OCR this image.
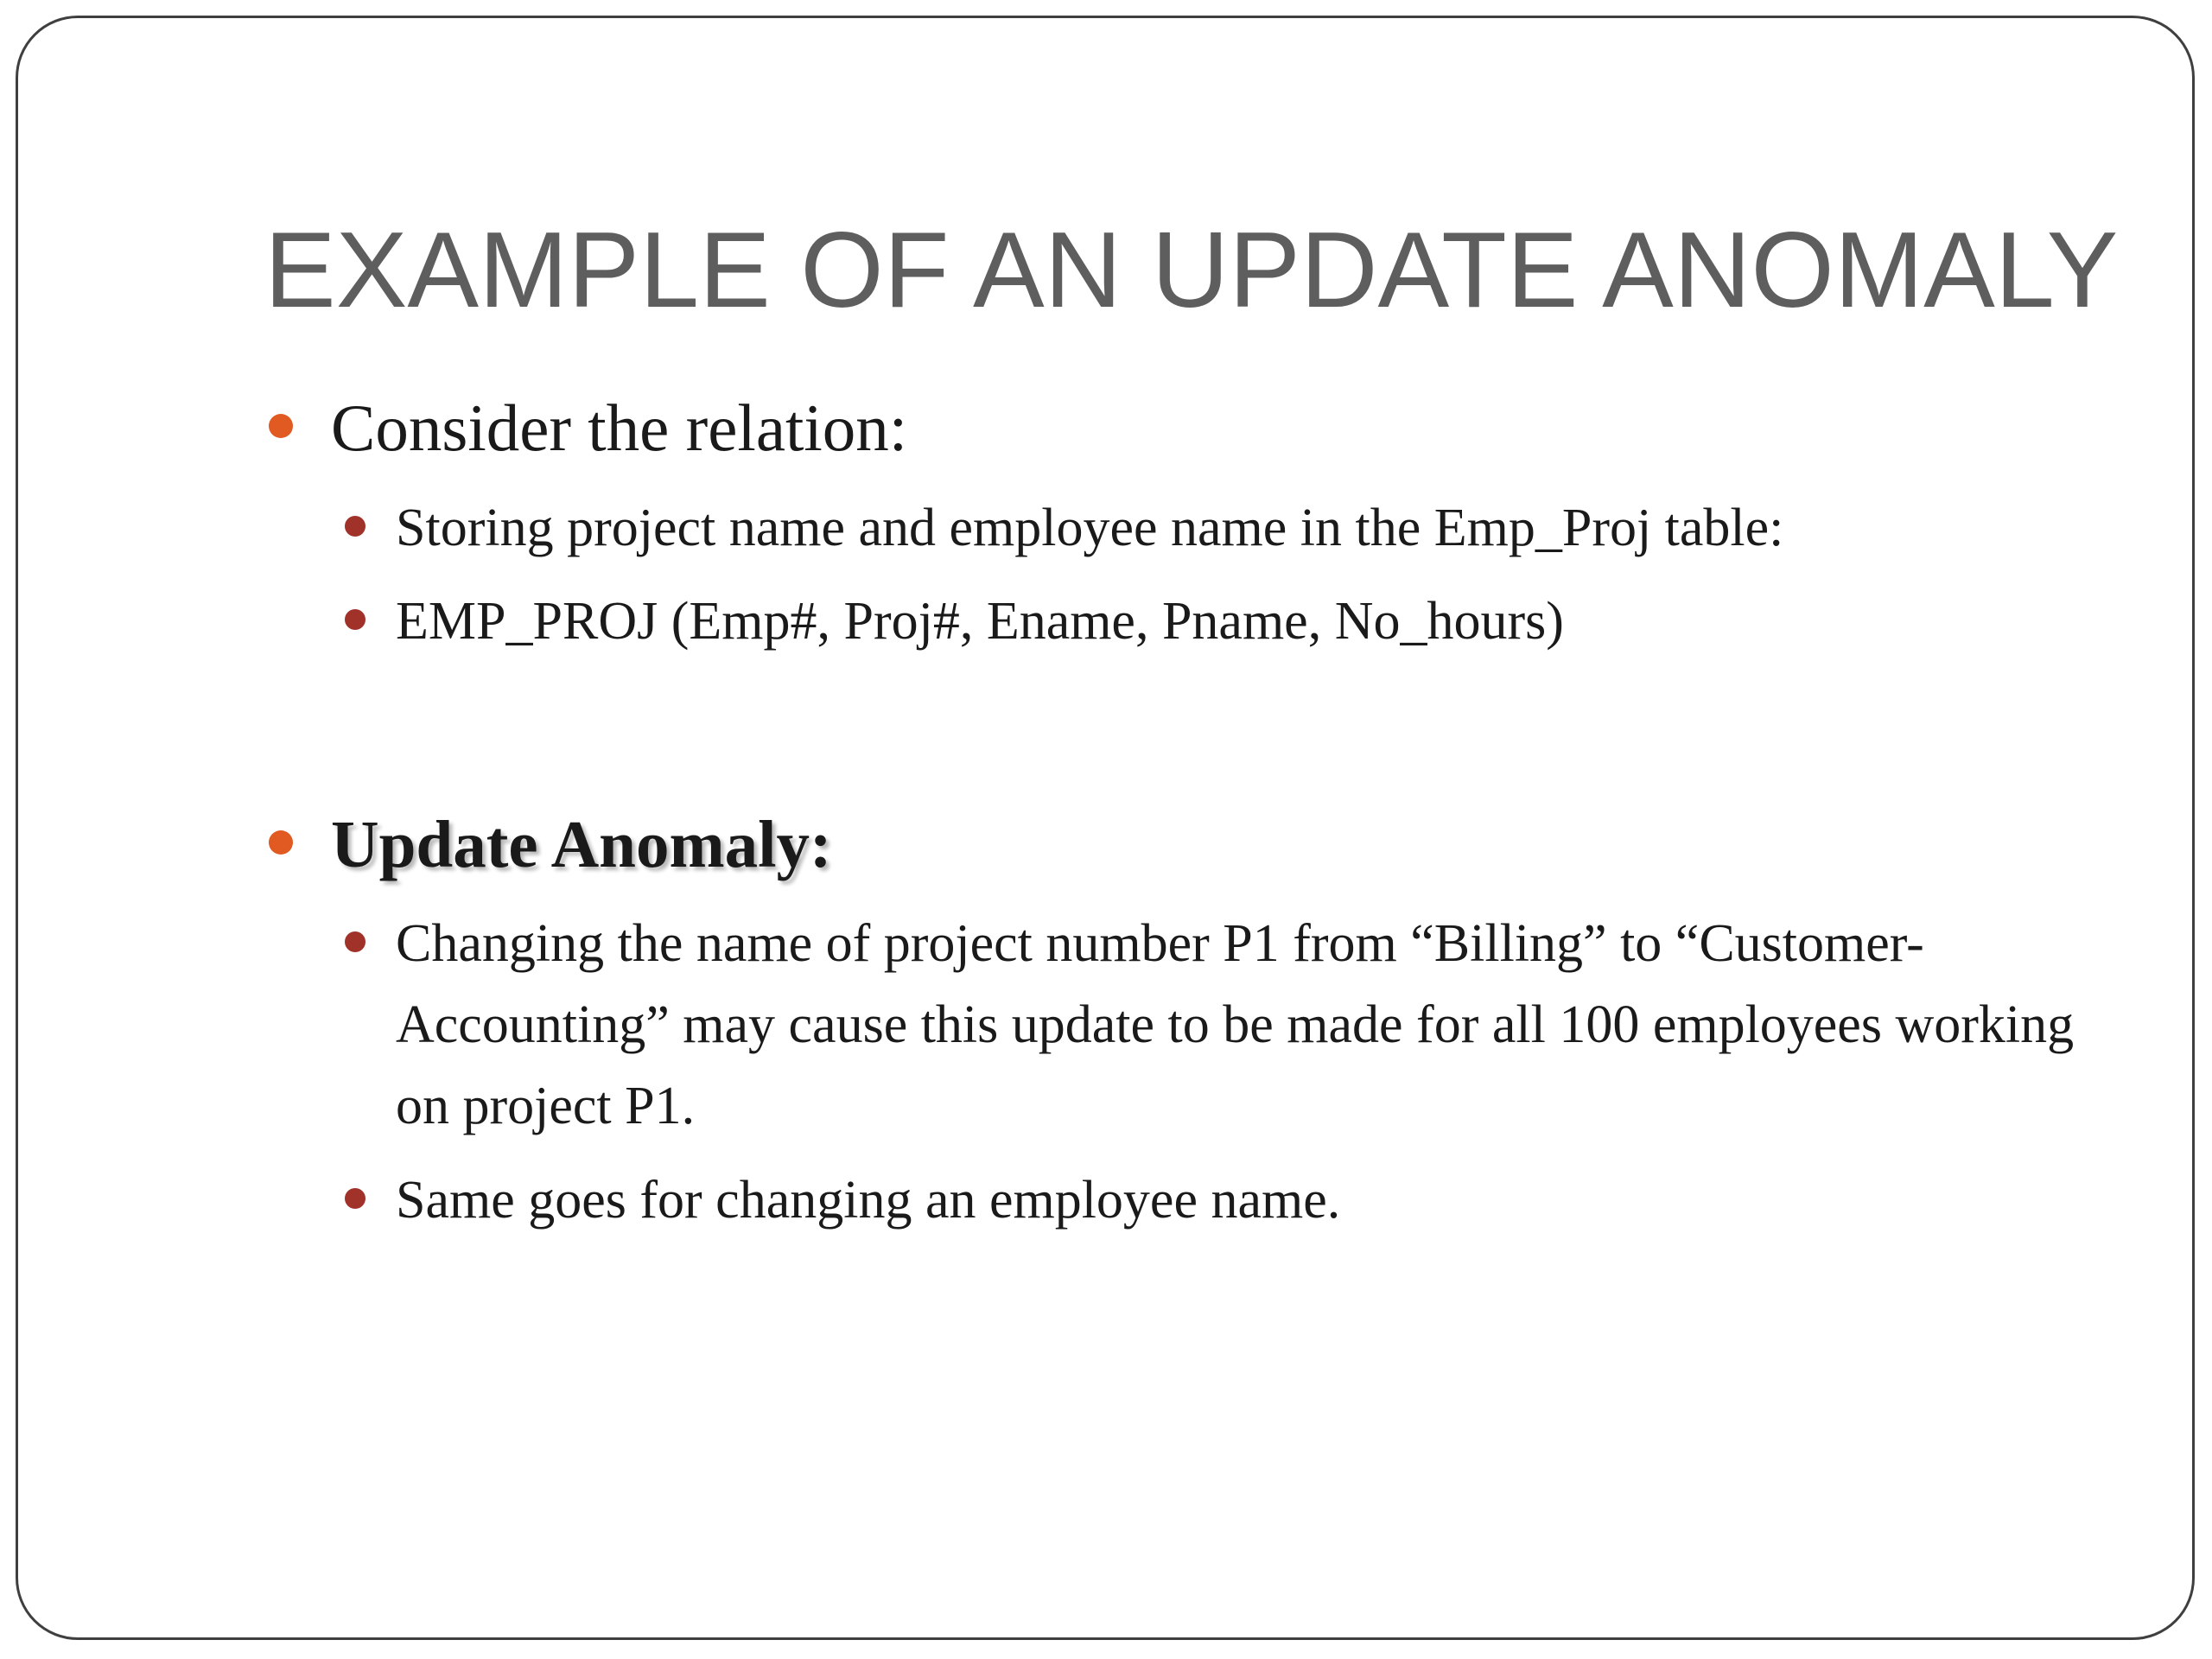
EXAMPLE OF AN UPDATE ANOMALY
Consider the relation:
Storing project name and employee name in the Emp_Proj table:
EMP_PROJ (Emp#, Proj#, Ename, Pname, No_hours)
Update Anomaly:
Changing the name of project number P1 from “Billing” to “Customer-Accounting” may cause this update to be made for all 100 employees working on project P1.
Same goes for changing an employee name.
